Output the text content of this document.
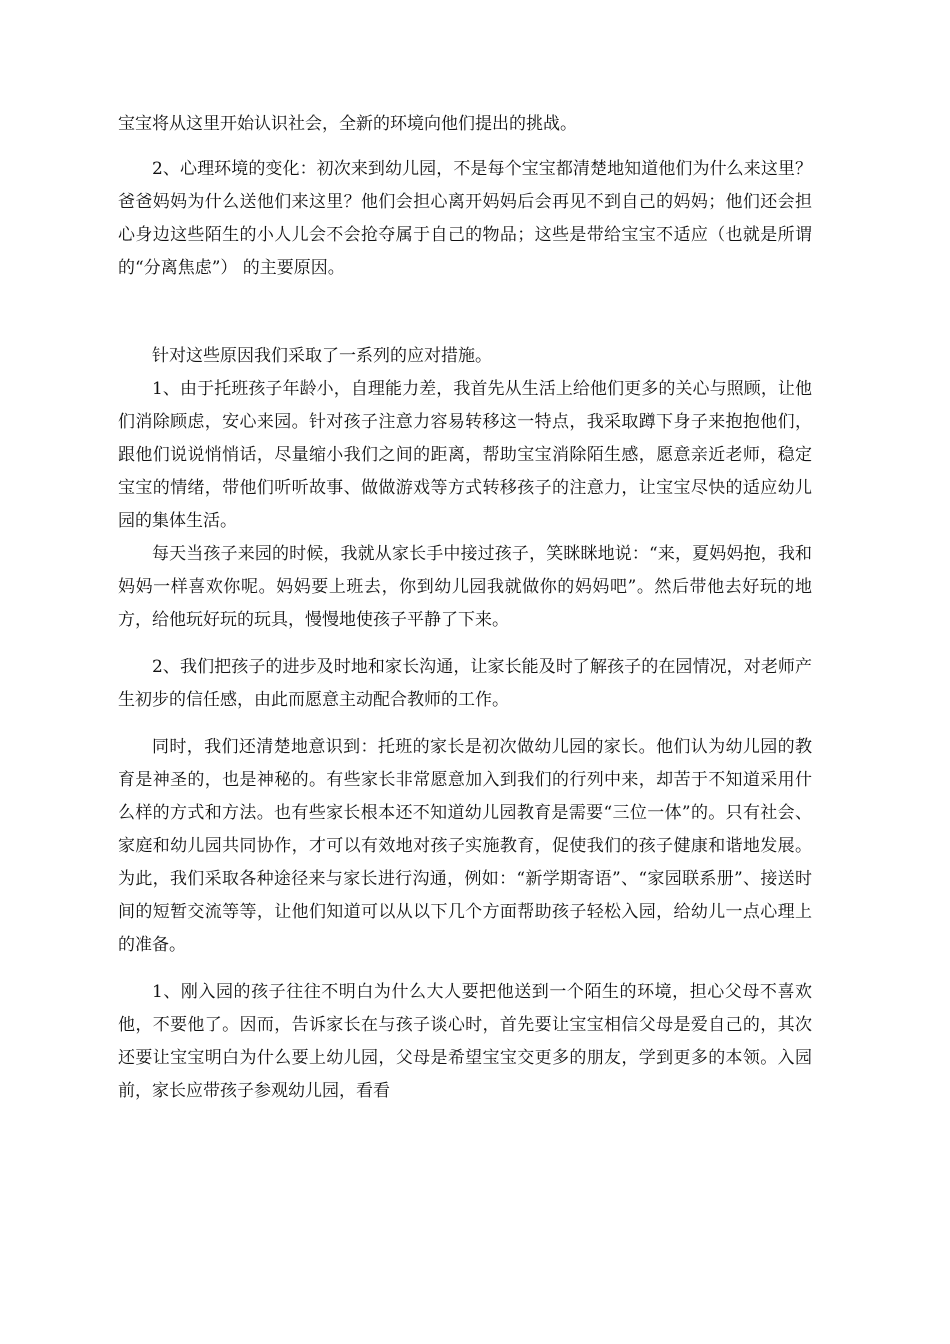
宝宝将从这里开始认识社会，全新的环境向他们提出的挑战。

2、心理环境的变化：初次来到幼儿园，不是每个宝宝都清楚地知道他们为什么来这里？爸爸妈妈为什么送他们来这里？他们会担心离开妈妈后会再见不到自己的妈妈；他们还会担心身边这些陌生的小人儿会不会抢夺属于自己的物品；这些是带给宝宝不适应（也就是所谓的“分离焦虑”） 的主要原因。

针对这些原因我们采取了一系列的应对措施。

1、由于托班孩子年龄小，自理能力差，我首先从生活上给他们更多的关心与照顾，让他们消除顾虑，安心来园。针对孩子注意力容易转移这一特点，我采取蹲下身子来抱抱他们，跟他们说说悄悄话，尽量缩小我们之间的距离，帮助宝宝消除陌生感，愿意亲近老师，稳定宝宝的情绪，带他们听听故事、做做游戏等方式转移孩子的注意力，让宝宝尽快的适应幼儿园的集体生活。

每天当孩子来园的时候，我就从家长手中接过孩子，笑眯眯地说：“来，夏妈妈抱，我和妈妈一样喜欢你呢。妈妈要上班去，你到幼儿园我就做你的妈妈吧”。然后带他去好玩的地方，给他玩好玩的玩具，慢慢地使孩子平静了下来。

2、我们把孩子的进步及时地和家长沟通，让家长能及时了解孩子的在园情况，对老师产生初步的信任感，由此而愿意主动配合教师的工作。

同时，我们还清楚地意识到：托班的家长是初次做幼儿园的家长。他们认为幼儿园的教育是神圣的，也是神秘的。有些家长非常愿意加入到我们的行列中来，却苦于不知道采用什么样的方式和方法。也有些家长根本还不知道幼儿园教育是需要“三位一体”的。只有社会、家庭和幼儿园共同协作，才可以有效地对孩子实施教育，促使我们的孩子健康和谐地发展。为此，我们采取各种途径来与家长进行沟通，例如：“新学期寄语”、“家园联系册”、接送时间的短暂交流等等，让他们知道可以从以下几个方面帮助孩子轻松入园，给幼儿一点心理上的准备。

1、刚入园的孩子往往不明白为什么大人要把他送到一个陌生的环境，担心父母不喜欢他，不要他了。因而，告诉家长在与孩子谈心时，首先要让宝宝相信父母是爱自己的，其次还要让宝宝明白为什么要上幼儿园，父母是希望宝宝交更多的朋友，学到更多的本领。入园前，家长应带孩子参观幼儿园，看看
